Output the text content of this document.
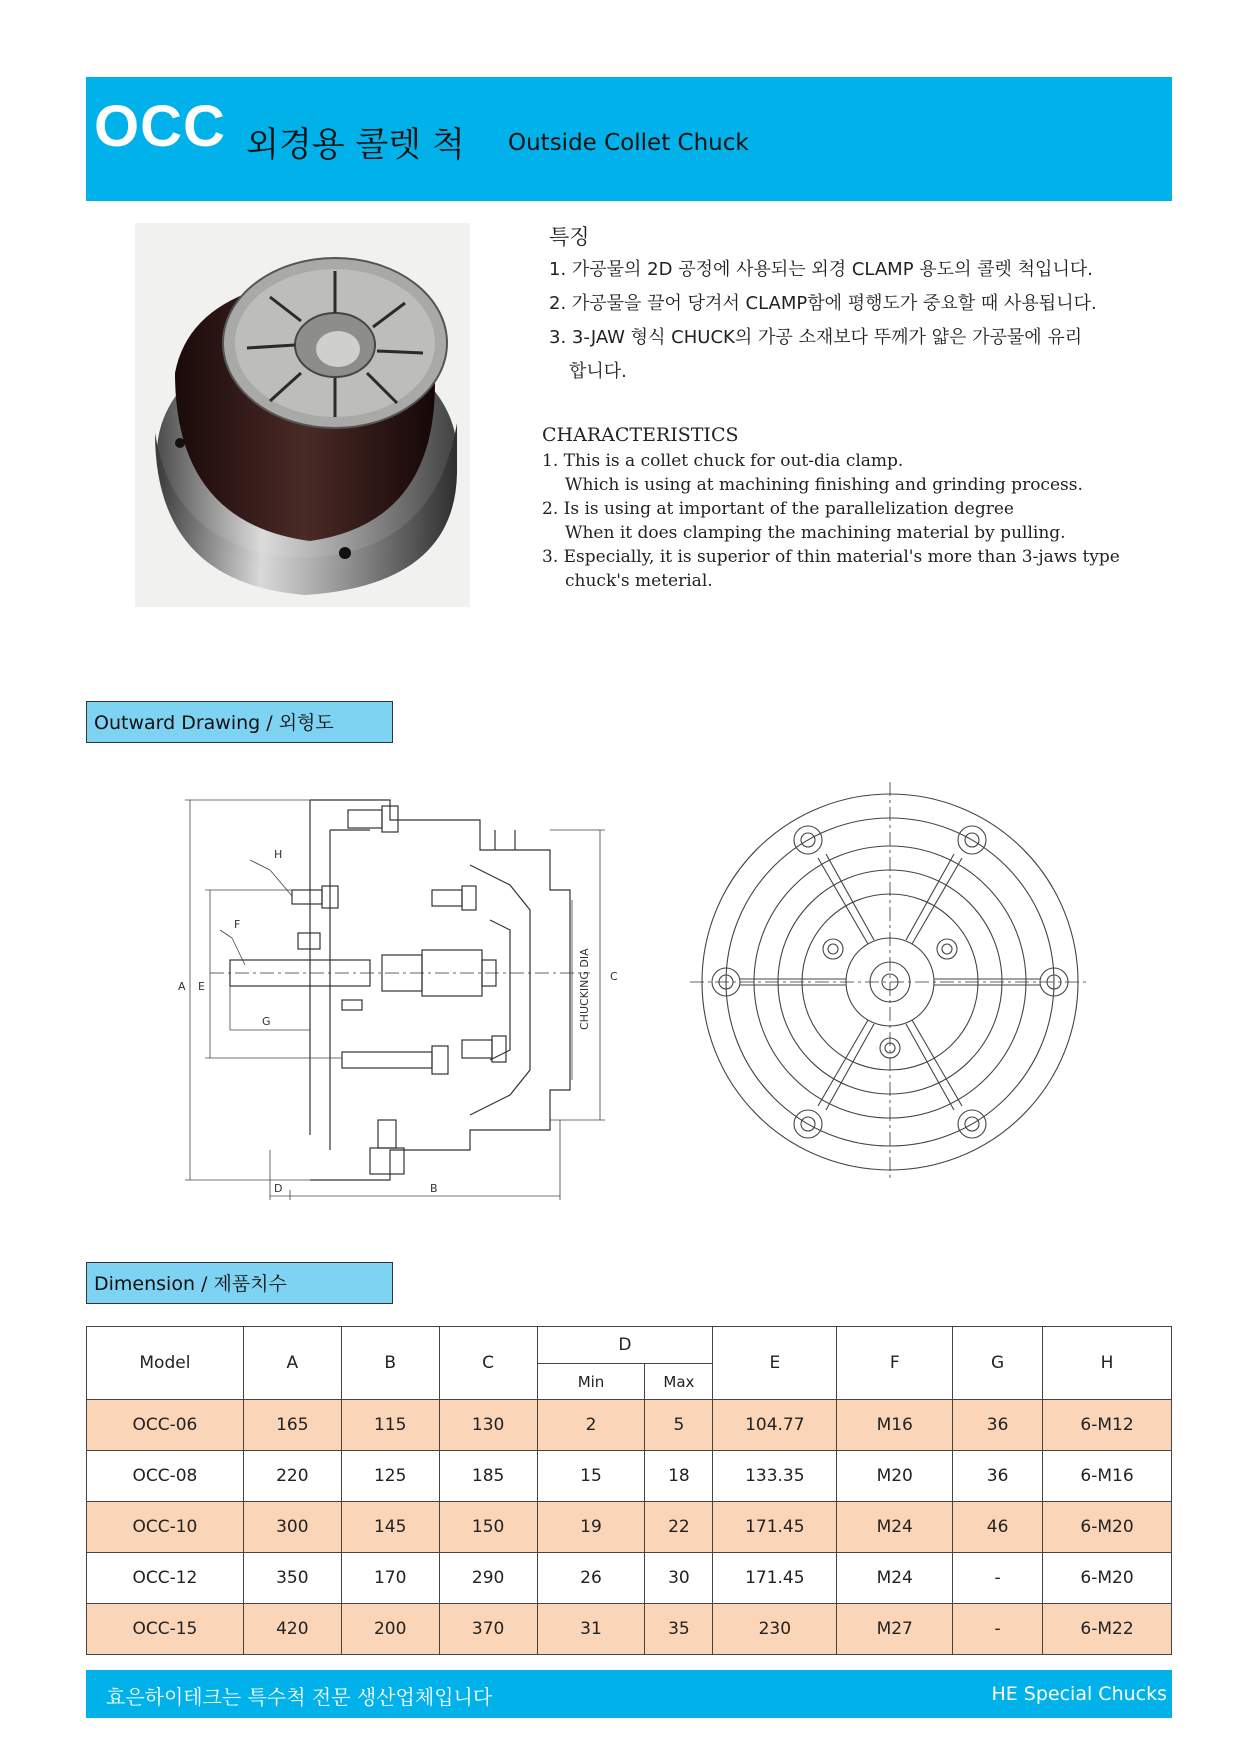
OCC 외경용 콜렛 척 Outside Collet Chuck
특징
1. 가공물의 2D 공정에 사용되는 외경 CLAMP 용도의 콜렛 척입니다.
2. 가공물을 끌어 당겨서 CLAMP함에 평행도가 중요할 때 사용됩니다.
3. 3-JAW 형식 CHUCK의 가공 소재보다 뚜께가 얇은 가공물에 유리
합니다.
CHARACTERISTICS
1. This is a collet chuck for out-dia clamp.
Which is using at machining finishing and grinding process.
2. Is is using at important of the parallelization degree
When it does clamping the machining material by pulling.
3. Especially, it is superior of thin material's more than 3-jaws type
chuck's meterial.
Outward Drawing / 외형도
A E
H
F
G
D	B
C
CHUCKING DIA
Dimension / 제품치수
Model	A	B	C	D		E	F	G	H
				Min	Max				
OCC-06	165	115	130	2	5	104.77	M16	36	6-M12
OCC-08	220	125	185	15	18	133.35	M20	36	6-M16
OCC-10	300	145	150	19	22	171.45	M24	46	6-M20
OCC-12	350	170	290	26	30	171.45	M24	-	6-M20
OCC-15	420	200	370	31	35	230	M27	-	6-M22
효은하이테크는 특수척 전문 생산업체입니다	HE Special Chucks
